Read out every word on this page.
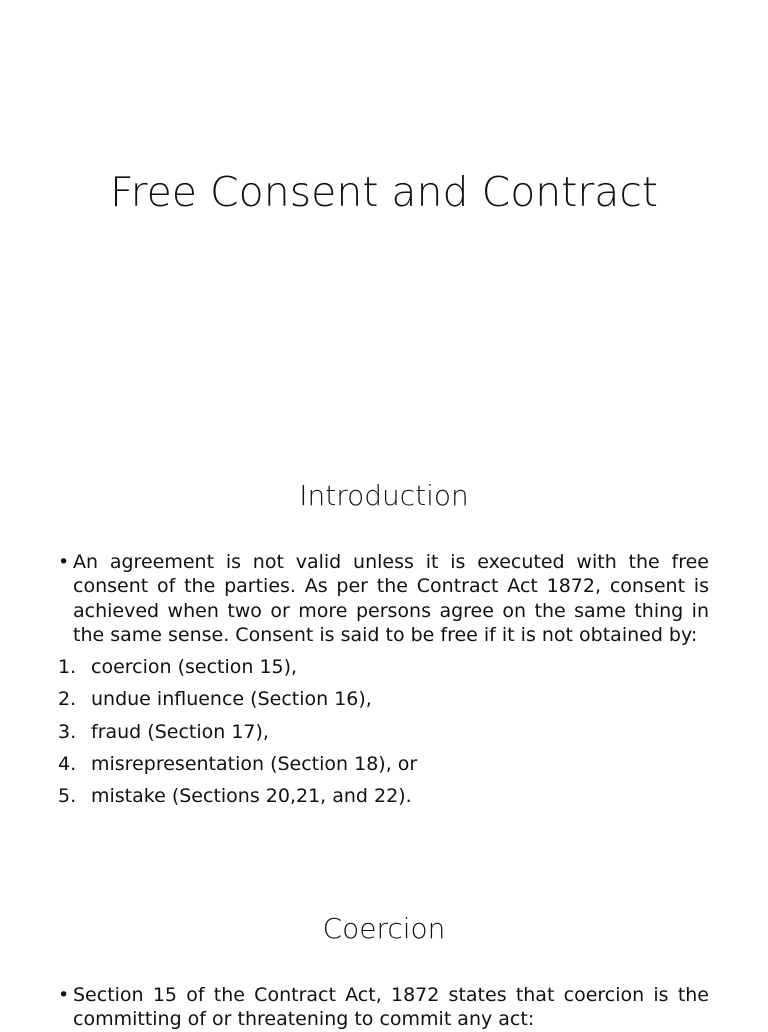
Free Consent and Contract
Introduction
• An agreement is not valid unless it is executed with the free consent of the parties. As per the Contract Act 1872, consent is achieved when two or more persons agree on the same thing in the same sense. Consent is said to be free if it is not obtained by:
1. coercion (section 15),
2. undue influence (Section 16),
3. fraud (Section 17),
4. misrepresentation (Section 18), or
5. mistake (Sections 20,21, and 22).
Coercion
• Section 15 of the Contract Act, 1872 states that coercion is the committing of or threatening to commit any act:
